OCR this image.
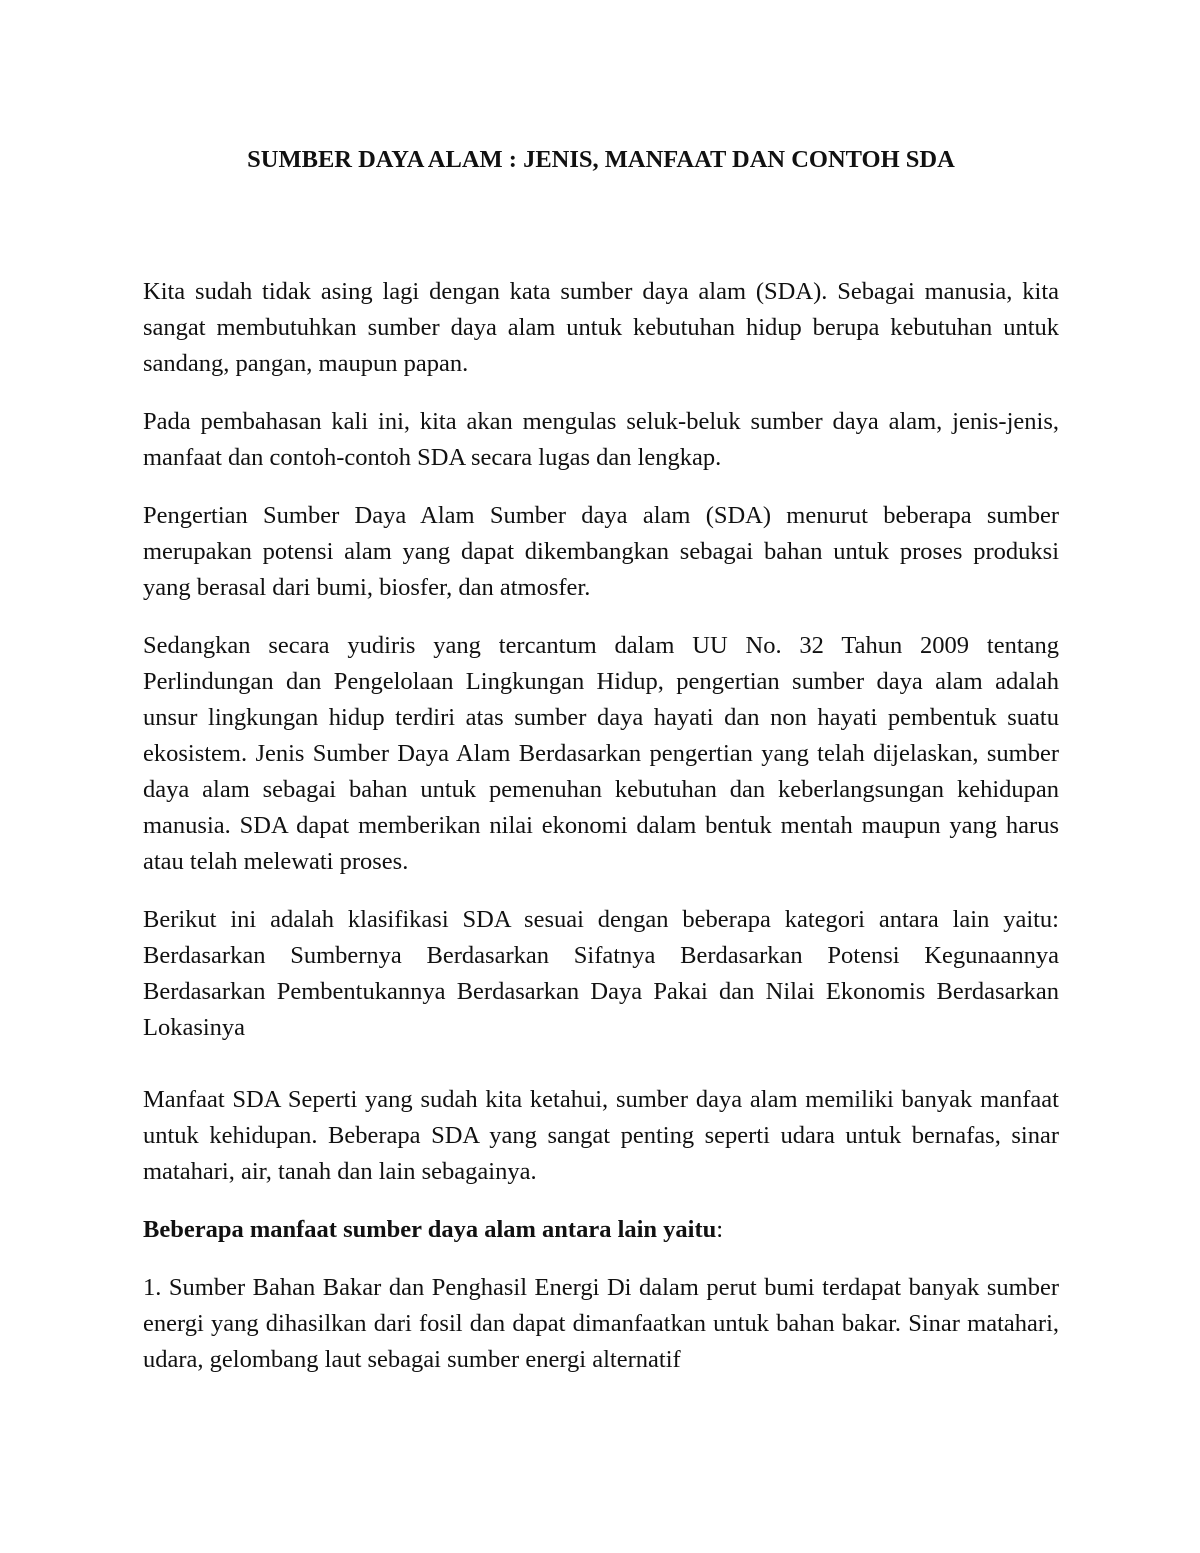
SUMBER DAYA ALAM : JENIS, MANFAAT DAN CONTOH SDA

Kita sudah tidak asing lagi dengan kata sumber daya alam (SDA). Sebagai manusia, kita sangat membutuhkan sumber daya alam untuk kebutuhan hidup berupa kebutuhan untuk sandang, pangan, maupun papan.

Pada pembahasan kali ini, kita akan mengulas seluk-beluk sumber daya alam, jenis-jenis, manfaat dan contoh-contoh SDA secara lugas dan lengkap.

Pengertian Sumber Daya Alam Sumber daya alam (SDA) menurut beberapa sumber merupakan potensi alam yang dapat dikembangkan sebagai bahan untuk proses produksi yang berasal dari bumi, biosfer, dan atmosfer.

Sedangkan secara yudiris yang tercantum dalam UU No. 32 Tahun 2009 tentang Perlindungan dan Pengelolaan Lingkungan Hidup, pengertian sumber daya alam adalah unsur lingkungan hidup terdiri atas sumber daya hayati dan non hayati pembentuk suatu ekosistem. Jenis Sumber Daya Alam Berdasarkan pengertian yang telah dijelaskan, sumber daya alam sebagai bahan untuk pemenuhan kebutuhan dan keberlangsungan kehidupan manusia. SDA dapat memberikan nilai ekonomi dalam bentuk mentah maupun yang harus atau telah melewati proses.

Berikut ini adalah klasifikasi SDA sesuai dengan beberapa kategori antara lain yaitu: Berdasarkan Sumbernya Berdasarkan Sifatnya Berdasarkan Potensi Kegunaannya Berdasarkan Pembentukannya Berdasarkan Daya Pakai dan Nilai Ekonomis Berdasarkan Lokasinya

Manfaat SDA Seperti yang sudah kita ketahui, sumber daya alam memiliki banyak manfaat untuk kehidupan. Beberapa SDA yang sangat penting seperti udara untuk bernafas, sinar matahari, air, tanah dan lain sebagainya.

Beberapa manfaat sumber daya alam antara lain yaitu:

1. Sumber Bahan Bakar dan Penghasil Energi Di dalam perut bumi terdapat banyak sumber energi yang dihasilkan dari fosil dan dapat dimanfaatkan untuk bahan bakar. Sinar matahari, udara, gelombang laut sebagai sumber energi alternatif
